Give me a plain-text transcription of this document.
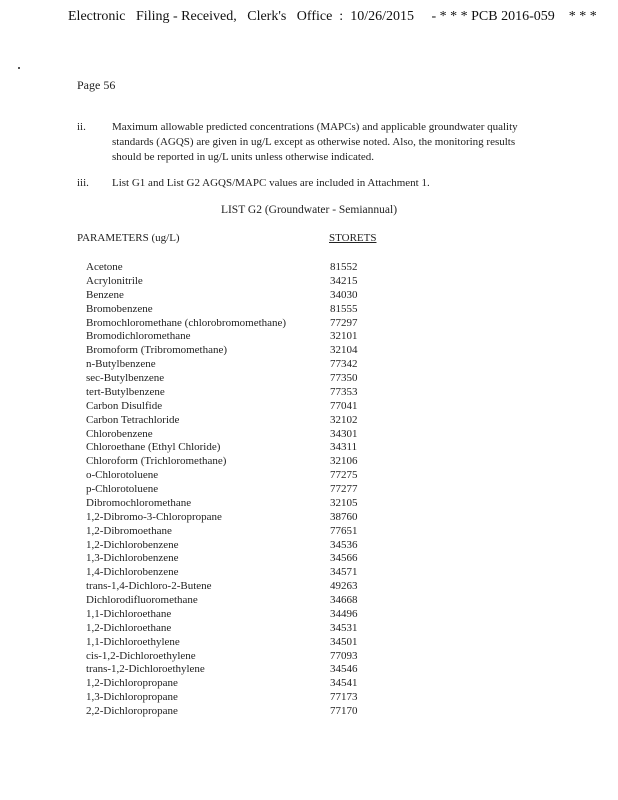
Electronic   Filing - Received,   Clerk's   Office  :  10/26/2015     - * * * PCB 2016-059    * * *
Page 56
ii.	Maximum allowable predicted concentrations (MAPCs) and applicable groundwater quality standards (AGQS) are given in ug/L except as otherwise noted. Also, the monitoring results should be reported in ug/L units unless otherwise indicated.
iii.	List G1 and List G2 AGQS/MAPC values are included in Attachment 1.
LIST G2 (Groundwater - Semiannual)
PARAMETERS (ug/L)	STORETS
Acetone	81552
Acrylonitrile	34215
Benzene	34030
Bromobenzene	81555
Bromochloromethane (chlorobromomethane)	77297
Bromodichloromethane	32101
Bromoform (Tribromomethane)	32104
n-Butylbenzene	77342
sec-Butylbenzene	77350
tert-Butylbenzene	77353
Carbon Disulfide	77041
Carbon Tetrachloride	32102
Chlorobenzene	34301
Chloroethane (Ethyl Chloride)	34311
Chloroform (Trichloromethane)	32106
o-Chlorotoluene	77275
p-Chlorotoluene	77277
Dibromochloromethane	32105
1,2-Dibromo-3-Chloropropane	38760
1,2-Dibromoethane	77651
1,2-Dichlorobenzene	34536
1,3-Dichlorobenzene	34566
1,4-Dichlorobenzene	34571
trans-1,4-Dichloro-2-Butene	49263
Dichlorodifluoromethane	34668
1,1-Dichloroethane	34496
1,2-Dichloroethane	34531
1,1-Dichloroethylene	34501
cis-1,2-Dichloroethylene	77093
trans-1,2-Dichloroethylene	34546
1,2-Dichloropropane	34541
1,3-Dichloropropane	77173
2,2-Dichloropropane	77170
